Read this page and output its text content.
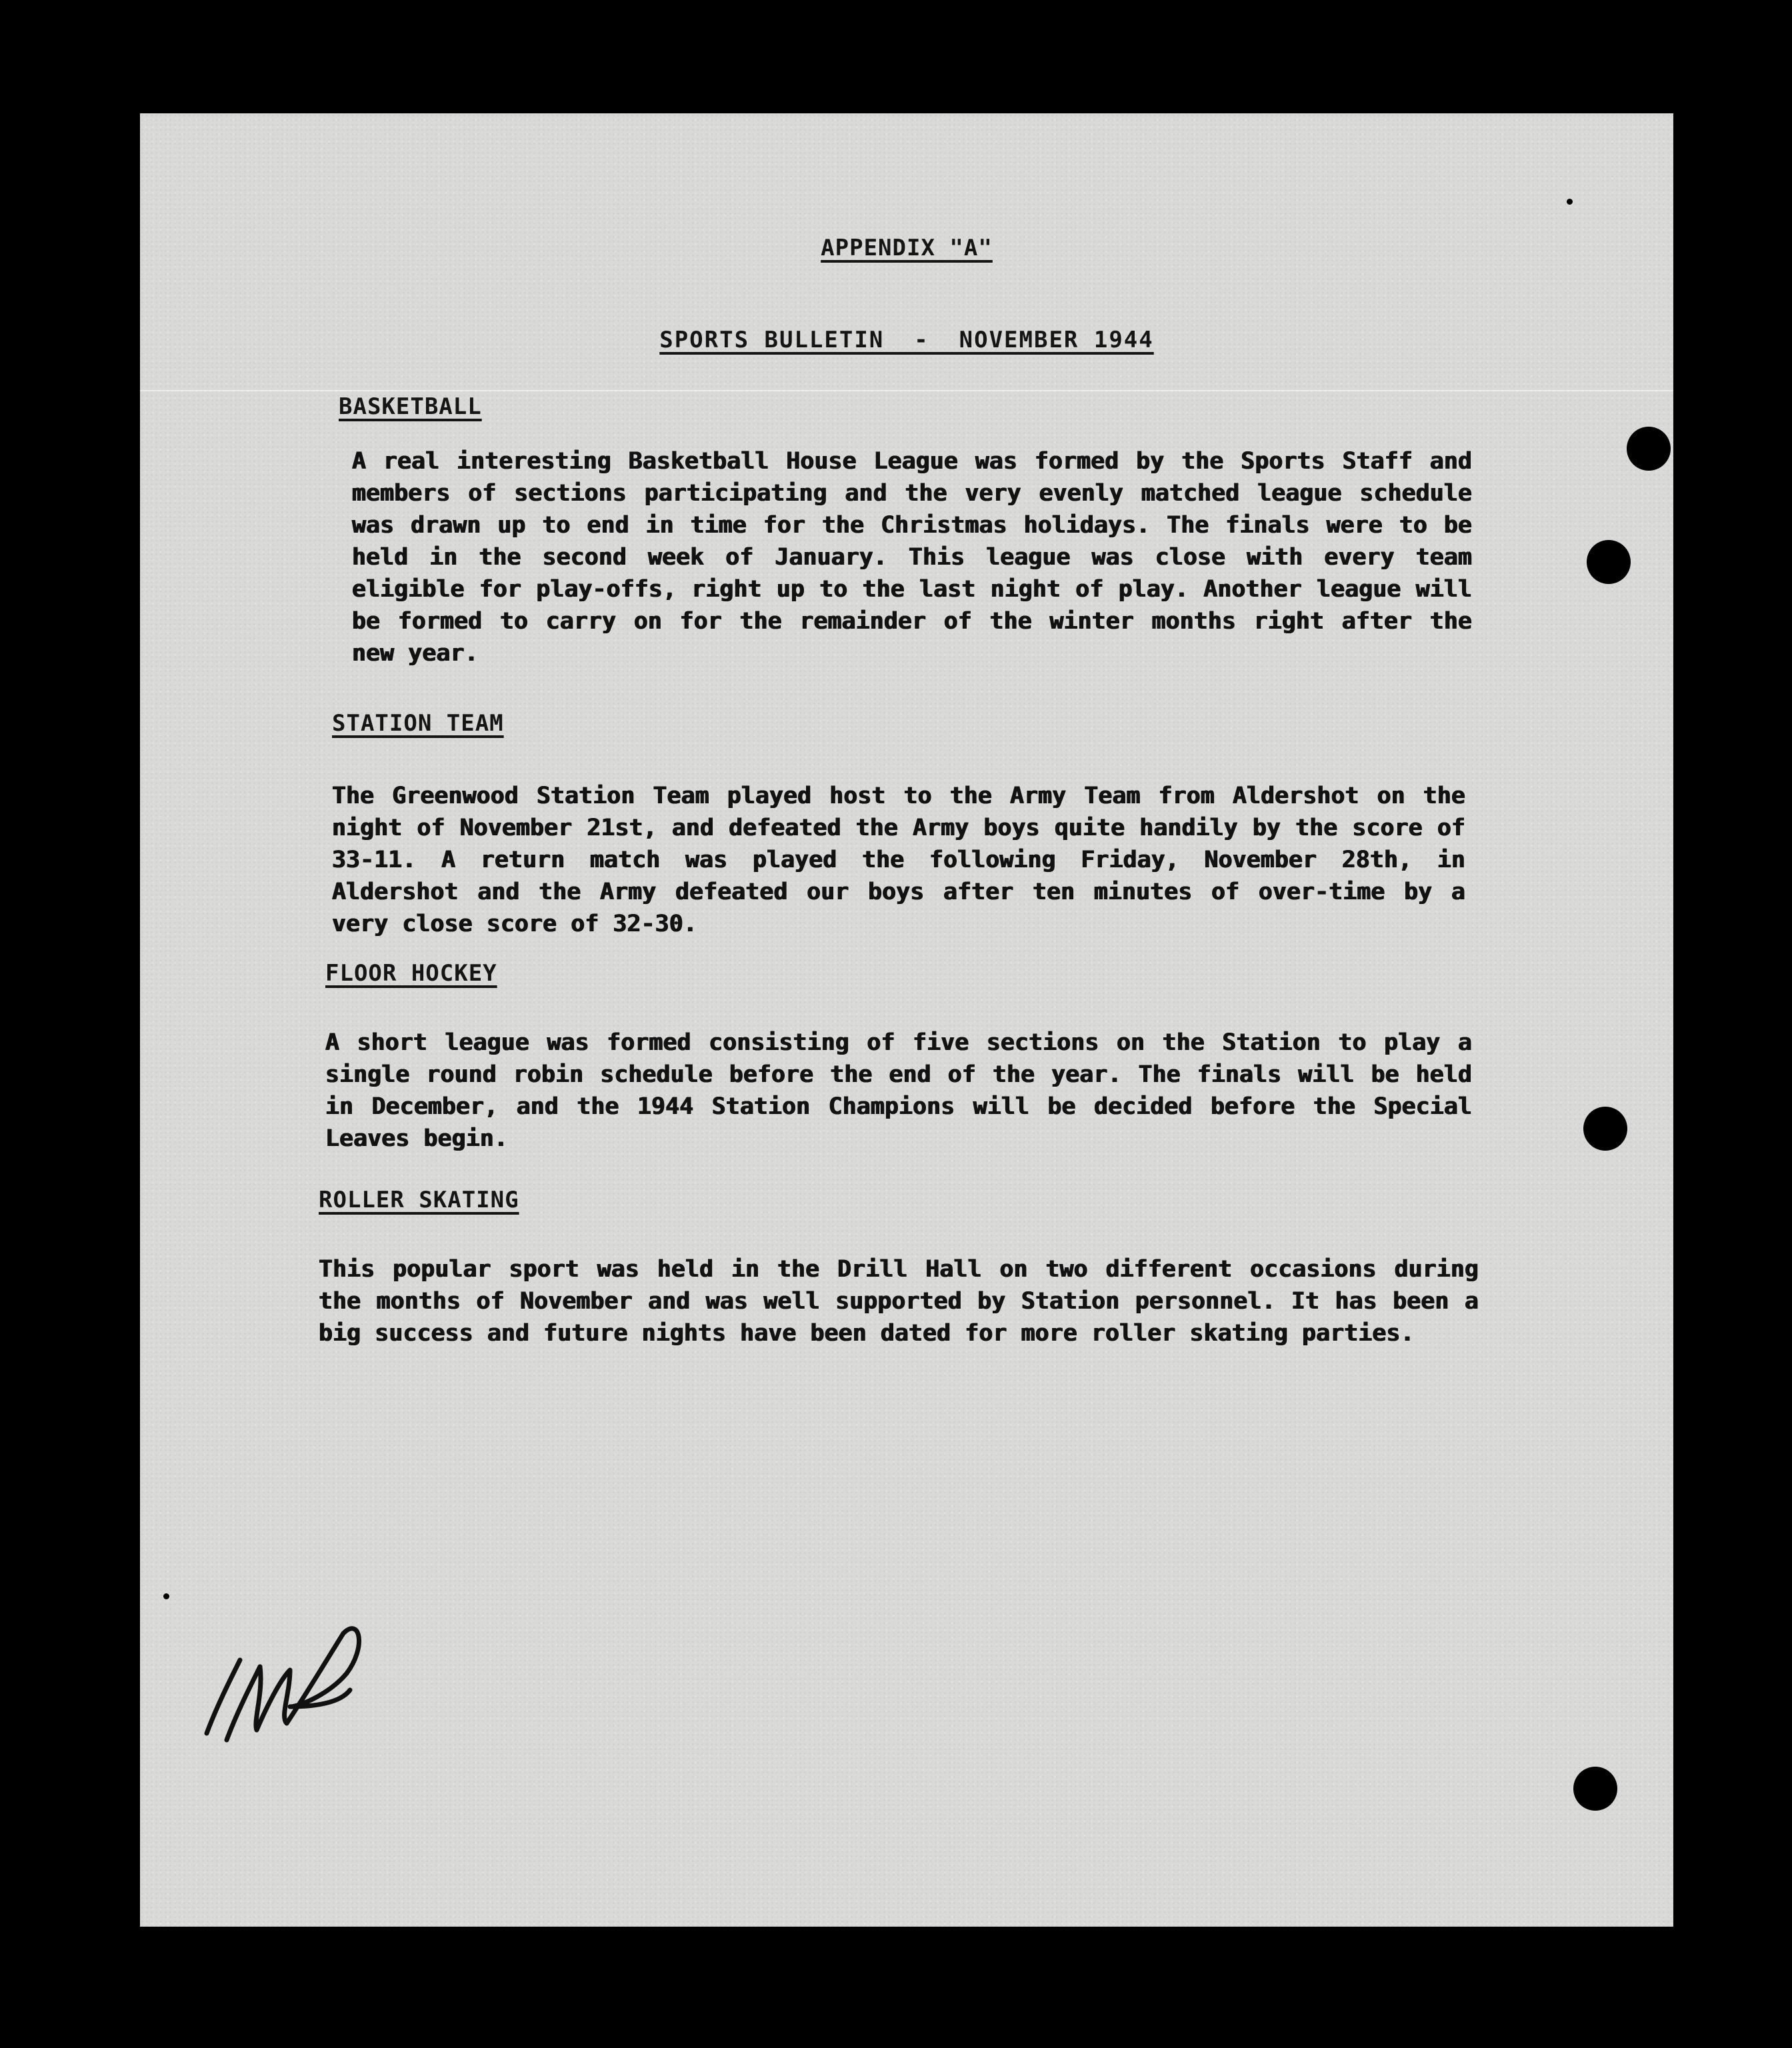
APPENDIX "A"
SPORTS BULLETIN  -  NOVEMBER 1944
BASKETBALL

A real interesting Basketball House League was formed by the Sports Staff and members of sections participating and the very evenly matched league schedule was drawn up to end in time for the Christmas holidays. The finals were to be held in the second week of January. This league was close with every team eligible for play-offs, right up to the last night of play. Another league will be formed to carry on for the remainder of the winter months right after the new year.

STATION TEAM

The Greenwood Station Team played host to the Army Team from Aldershot on the night of November 21st, and defeated the Army boys quite handily by the score of 33-11. A return match was played the following Friday, November 28th, in Aldershot and the Army defeated our boys after ten minutes of over-time by a very close score of 32-30.

FLOOR HOCKEY

A short league was formed consisting of five sections on the Station to play a single round robin schedule before the end of the year. The finals will be held in December, and the 1944 Station Champions will be decided before the Special Leaves begin.

ROLLER SKATING

This popular sport was held in the Drill Hall on two different occasions during the months of November and was well supported by Station personnel. It has been a big success and future nights have been dated for more roller skating parties.
